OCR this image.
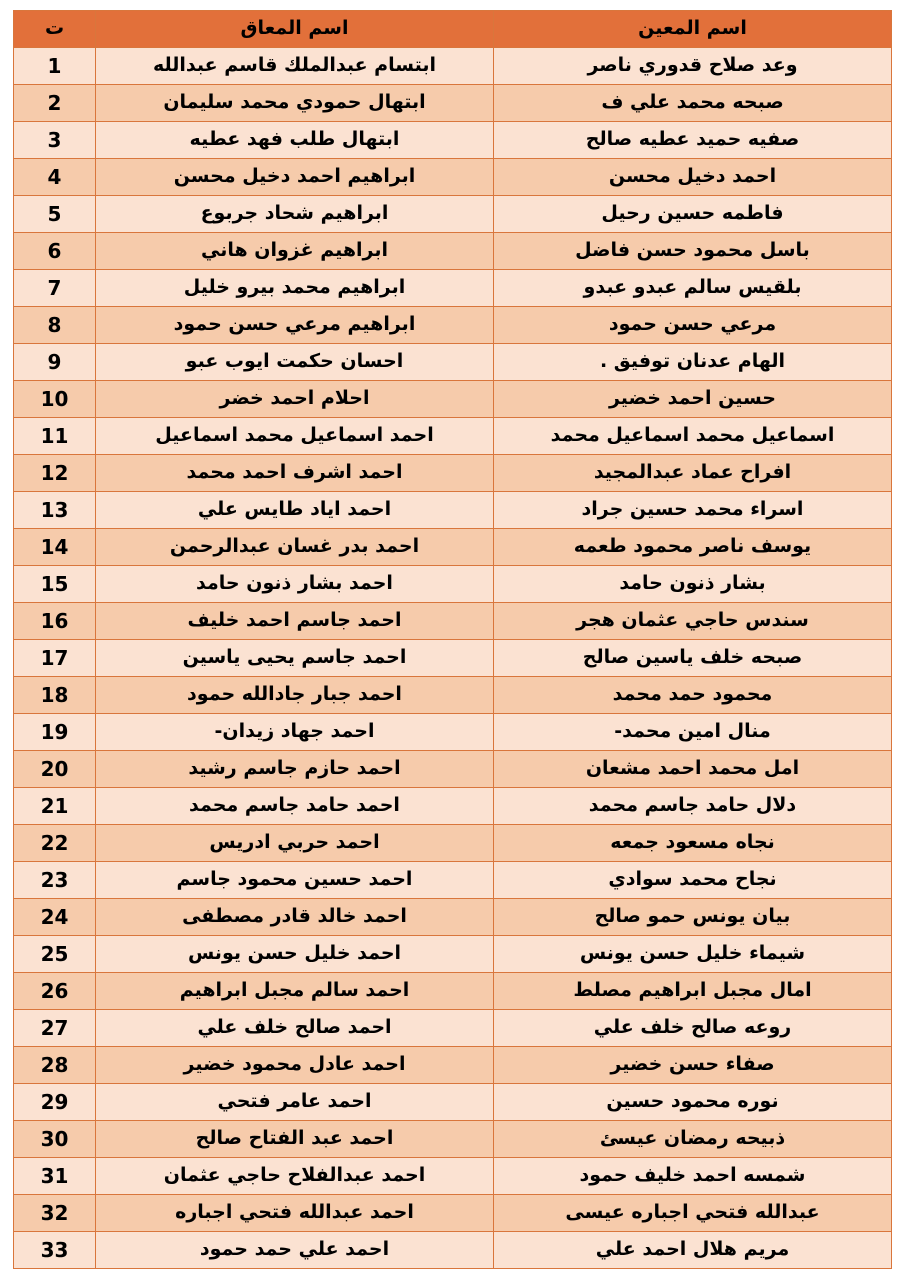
اسم المعين	اسم المعاق	ت
وعد صلاح قدوري ناصر	ابتسام عبدالملك قاسم عبدالله	1
صبحه محمد علي ف	ابتهال حمودي محمد سليمان	2
صفيه حميد عطيه صالح	ابتهال طلب فهد عطيه	3
احمد دخيل محسن	ابراهيم احمد دخيل محسن	4
فاطمه حسين رحيل	ابراهيم شحاد جربوع	5
باسل محمود حسن فاضل	ابراهيم غزوان هاني	6
بلقيس سالم عبدو عبدو	ابراهيم محمد بيرو خليل	7
مرعي حسن حمود	ابراهيم مرعي حسن حمود	8
الهام عدنان توفيق .	احسان حكمت ايوب عبو	9
حسين احمد خضير	احلام احمد خضر	10
اسماعيل محمد اسماعيل محمد	احمد اسماعيل محمد اسماعيل	11
افراح عماد عبدالمجيد	احمد اشرف احمد محمد	12
اسراء محمد حسين جراد	احمد اياد طايس علي	13
يوسف ناصر محمود طعمه	احمد بدر غسان عبدالرحمن	14
بشار ذنون حامد	احمد بشار ذنون حامد	15
سندس حاجي عثمان هجر	احمد جاسم احمد خليف	16
صبحه خلف ياسين صالح	احمد جاسم يحيى ياسين	17
محمود حمد محمد	احمد جبار جادالله حمود	18
منال امين محمد-	احمد جهاد زيدان-	19
امل محمد احمد مشعان	احمد حازم جاسم رشيد	20
دلال حامد جاسم محمد	احمد حامد جاسم محمد	21
نجاه مسعود جمعه	احمد حربي ادريس	22
نجاح محمد سوادي	احمد حسين محمود جاسم	23
بيان يونس حمو صالح	احمد خالد قادر مصطفى	24
شيماء خليل حسن يونس	احمد خليل حسن يونس	25
امال مجبل ابراهيم مصلط	احمد سالم مجبل ابراهيم	26
روعه صالح خلف علي	احمد صالح خلف علي	27
صفاء حسن خضير	احمد عادل محمود خضير	28
نوره محمود حسين	احمد عامر فتحي	29
ذبيحه رمضان عيسئ	احمد عبد الفتاح صالح	30
شمسه احمد خليف حمود	احمد عبدالفلاح حاجي عثمان	31
عبدالله فتحي اجباره عيسى	احمد عبدالله فتحي اجباره	32
مريم هلال احمد علي	احمد علي حمد حمود	33
